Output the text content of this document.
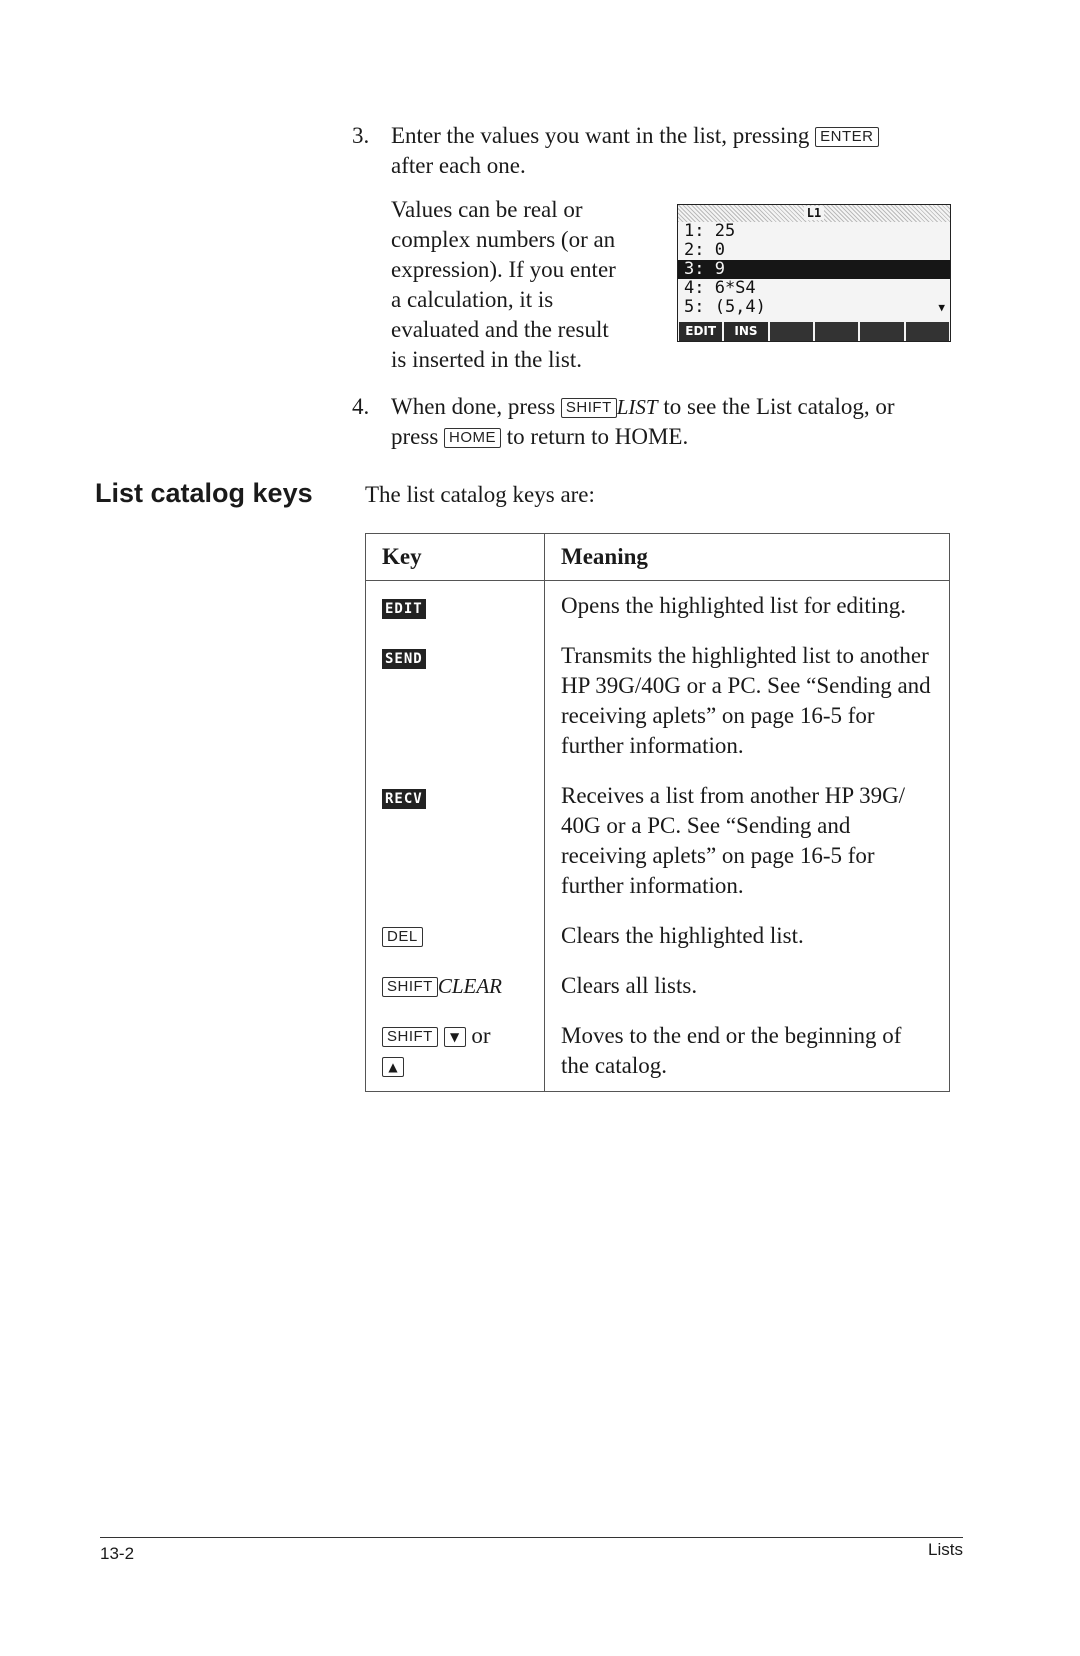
3. Enter the values you want in the list, pressing ENTER
after each one.
Values can be real or
complex numbers (or an
expression). If you enter
a calculation, it is
evaluated and the result
is inserted in the list.
L1
1: 25
2: 0
3: 9
4: 6*S4
5: (5,4)	▼
EDIT	INS
4. When done, press SHIFT LIST to see the List catalog, or
press HOME to return to HOME.
List catalog keys The list catalog keys are:
Key	Meaning
EDIT	Opens the highlighted list for editing.
SEND	Transmits the highlighted list to another HP 39G/40G or a PC. See “Sending and receiving aplets” on page 16-5 for further information.
RECV	Receives a list from another HP 39G/ 40G or a PC. See “Sending and receiving aplets” on page 16-5 for further information.
DEL	Clears the highlighted list.
SHIFT CLEAR	Clears all lists.
SHIFT ▼ or
▲	Moves to the end or the beginning of the catalog.
13-2	Lists
